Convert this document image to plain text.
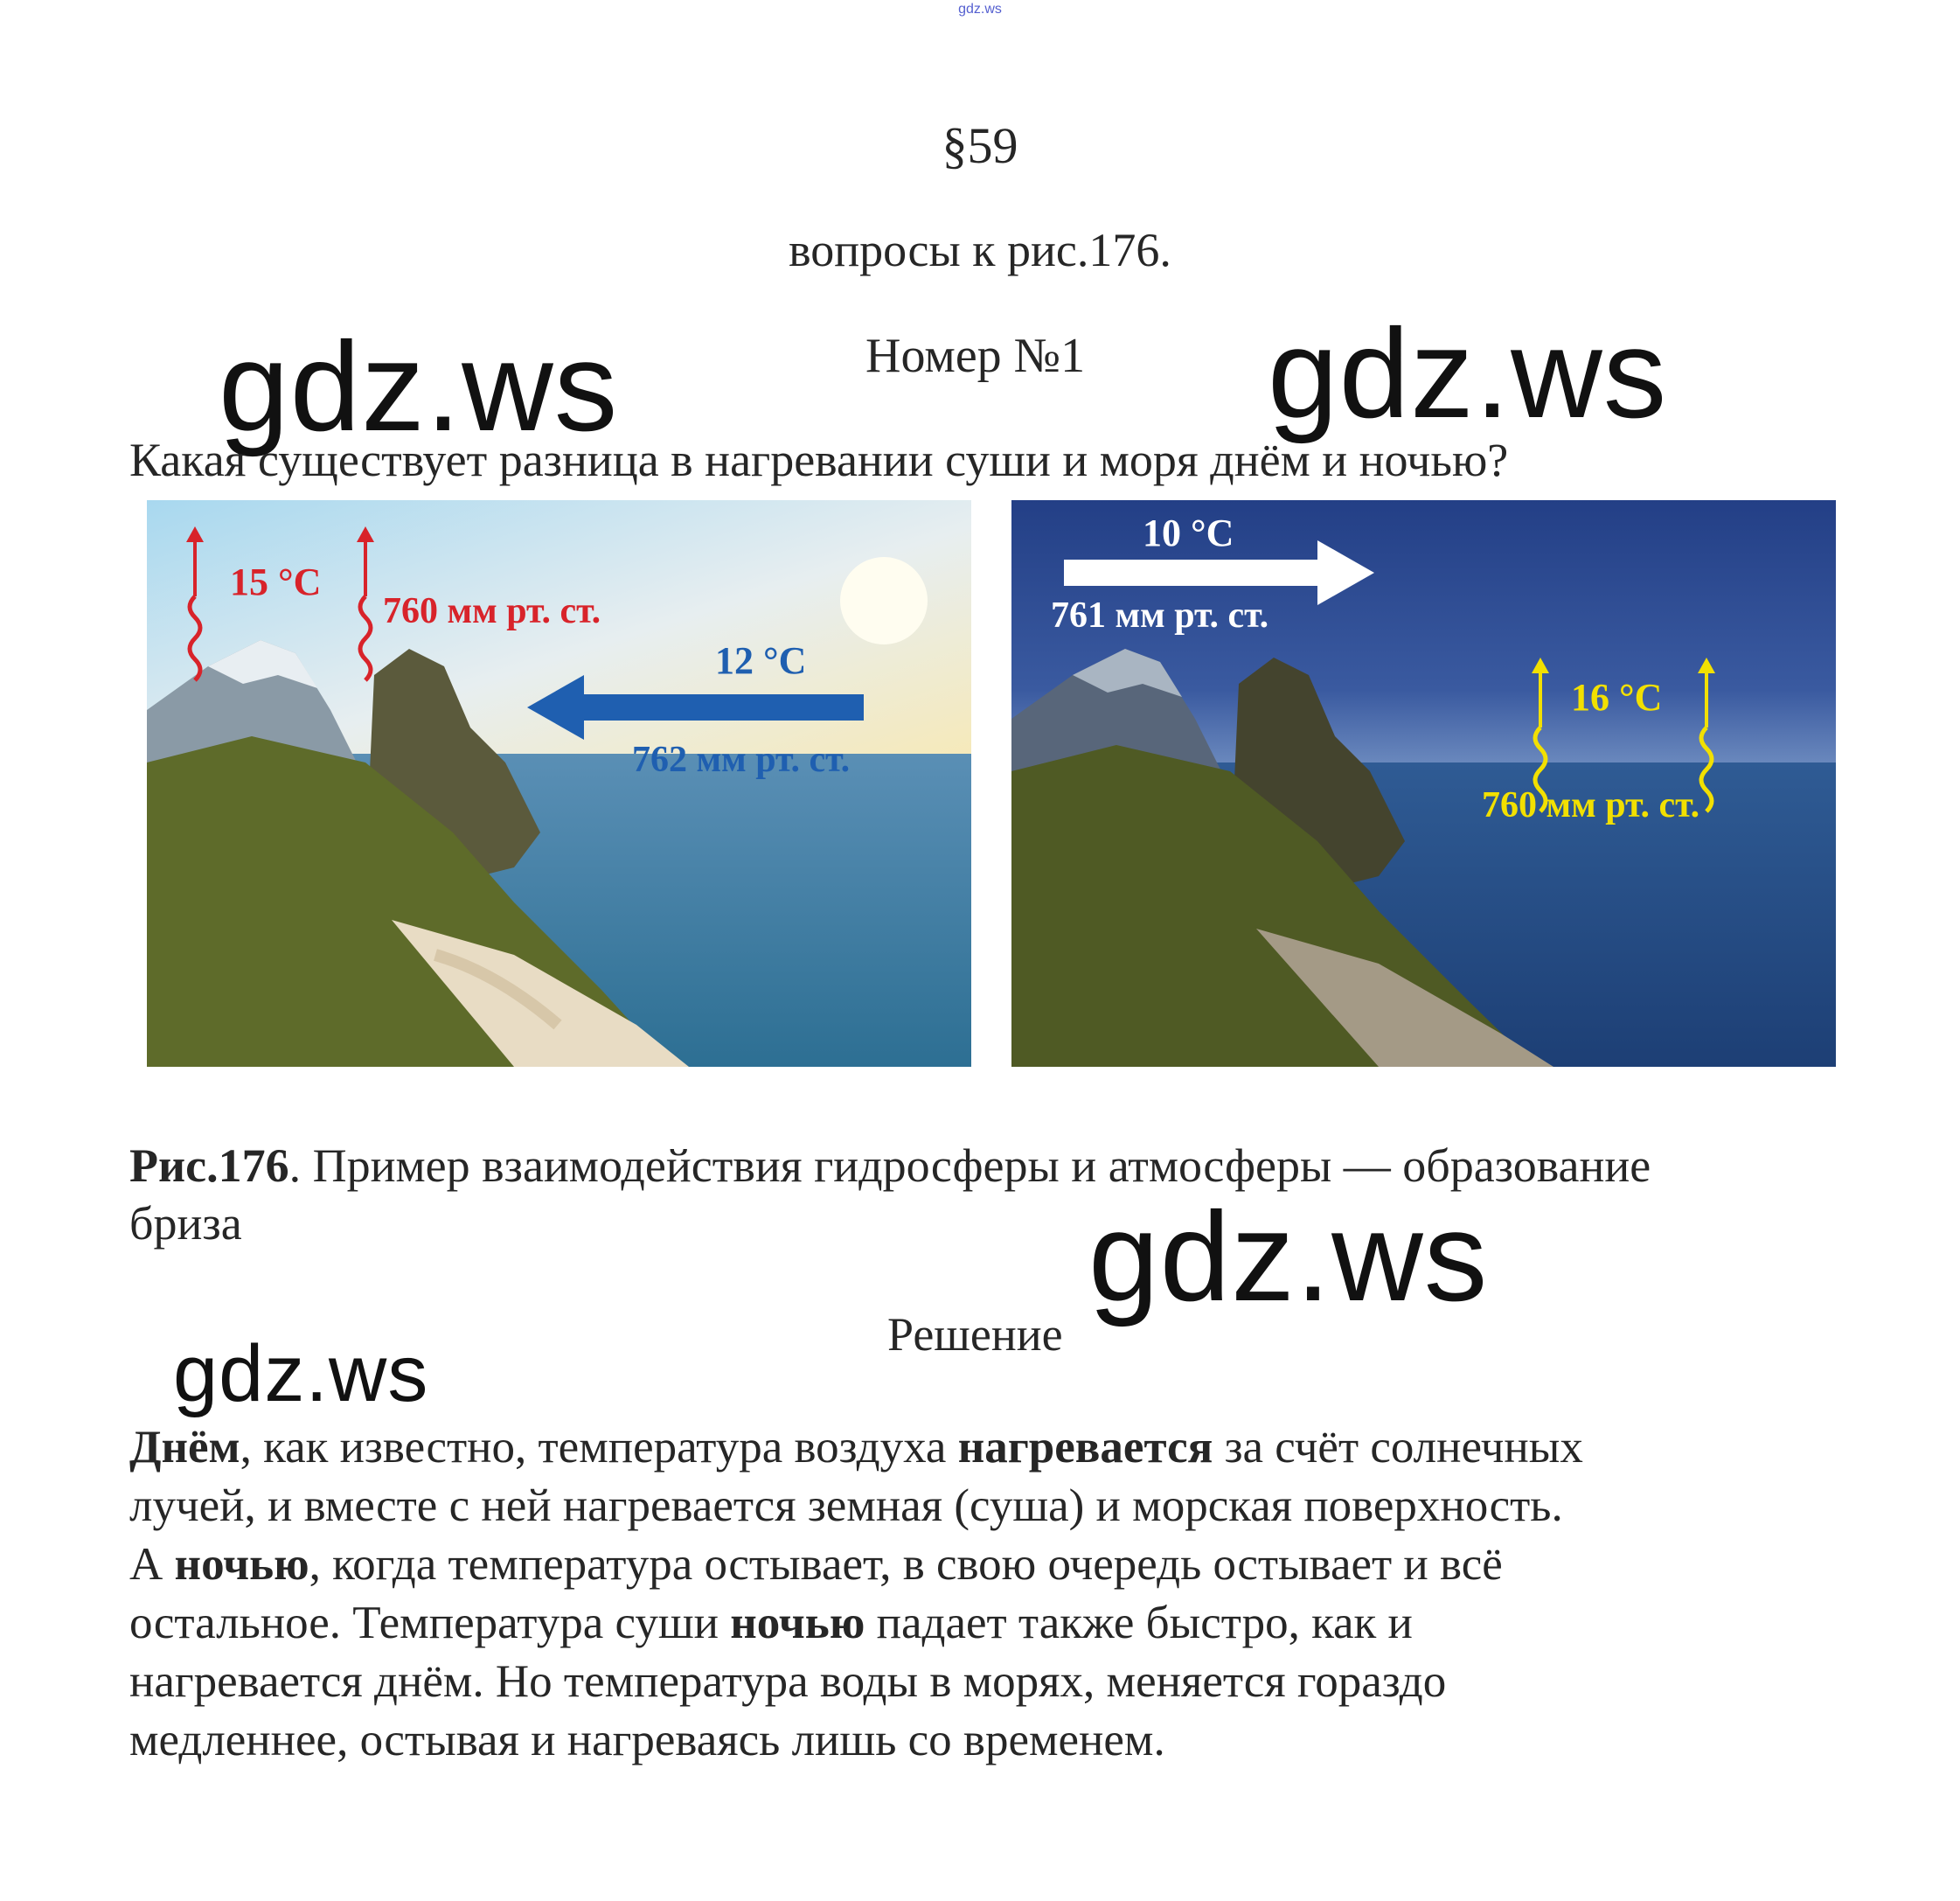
gdz.ws
§59
вопросы к рис.176.
Номер №1
gdz.ws	gdz.ws
Какая существует разница в нагревании суши и моря днём и ночью?
15 °C
760 мм рт. ст.
12 °C
762 мм рт. ст.
10 °C
761 мм рт. ст.
16 °C
760 мм рт. ст.
Рис.176. Пример взаимодействия гидросферы и атмосферы — образование
бриза	gdz.ws
Решение
gdz.ws

Днём, как известно, температура воздуха нагревается за счёт солнечных

лучей, и вместе с ней нагревается земная (суша) и морская поверхность.

А ночью, когда температура остывает, в свою очередь остывает и всё

остальное. Температура суши ночью падает также быстро, как и

нагревается днём. Но температура воды в морях, меняется гораздо

медленнее, остывая и нагреваясь лишь со временем.
